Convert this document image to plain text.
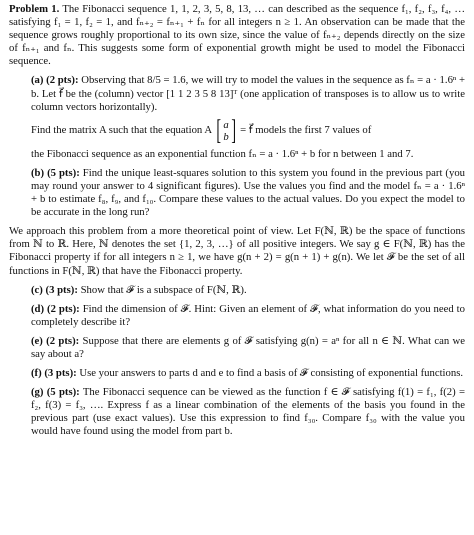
Problem 1. The Fibonacci sequence 1, 1, 2, 3, 5, 8, 13, … can described as the sequence f₁, f₂, f₃, f₄, … satisfying f₁ = 1, f₂ = 1, and fₙ₊₂ = fₙ₊₁ + fₙ for all integers n ≥ 1. An observation can be made that the sequence grows roughly proportional to its own size, since the value of fₙ₊₂ depends directly on the size of fₙ₊₁ and fₙ. This suggests some form of exponential growth might be used to model the Fibonacci sequence.

(a) (2 pts): Observing that 8/5 = 1.6, we will try to model the values in the sequence as fₙ = a · 1.6ⁿ + b. Let f⃗ be the (column) vector [1 1 2 3 5 8 13]ᵀ (one application of transposes is to allow us to write column vectors horizontally).

Find the matrix A such that the equation A [ a
b ] = f⃗ models the first 7 values of

the Fibonacci sequence as an exponential function fₙ = a · 1.6ⁿ + b for n between 1 and 7.

(b) (5 pts): Find the unique least-squares solution to this system you found in the previous part (you may round your answer to 4 significant figures). Use the values you find and the model fₙ = a · 1.6ⁿ + b to estimate f₈, f₉, and f₁₀. Compare these values to the actual values. Do you expect the model to be accurate in the long run?

We approach this problem from a more theoretical point of view. Let F(ℕ, ℝ) be the space of functions from ℕ to ℝ. Here, ℕ denotes the set {1, 2, 3, …} of all positive integers. We say g ∈ F(ℕ, ℝ) has the Fibonacci property if for all integers n ≥ 1, we have g(n + 2) = g(n + 1) + g(n). We let 𝓕 be the set of all functions in F(ℕ, ℝ) that have the Fibonacci property.

(c) (3 pts): Show that 𝓕 is a subspace of F(ℕ, ℝ).

(d) (2 pts): Find the dimension of 𝓕. Hint: Given an element of 𝓕, what information do you need to completely describe it?

(e) (2 pts): Suppose that there are elements g of 𝓕 satisfying g(n) = aⁿ for all n ∈ ℕ. What can we say about a?

(f) (3 pts): Use your answers to parts d and e to find a basis of 𝓕 consisting of exponential functions.

(g) (5 pts): The Fibonacci sequence can be viewed as the function f ∈ 𝓕 satisfying f(1) = f₁, f(2) = f₂, f(3) = f₃, …. Express f as a linear combination of the elements of the basis you found in the previous part (use exact values). Use this expression to find f₃₀. Compare f₃₀ with the value you would have found using the model from part b.
